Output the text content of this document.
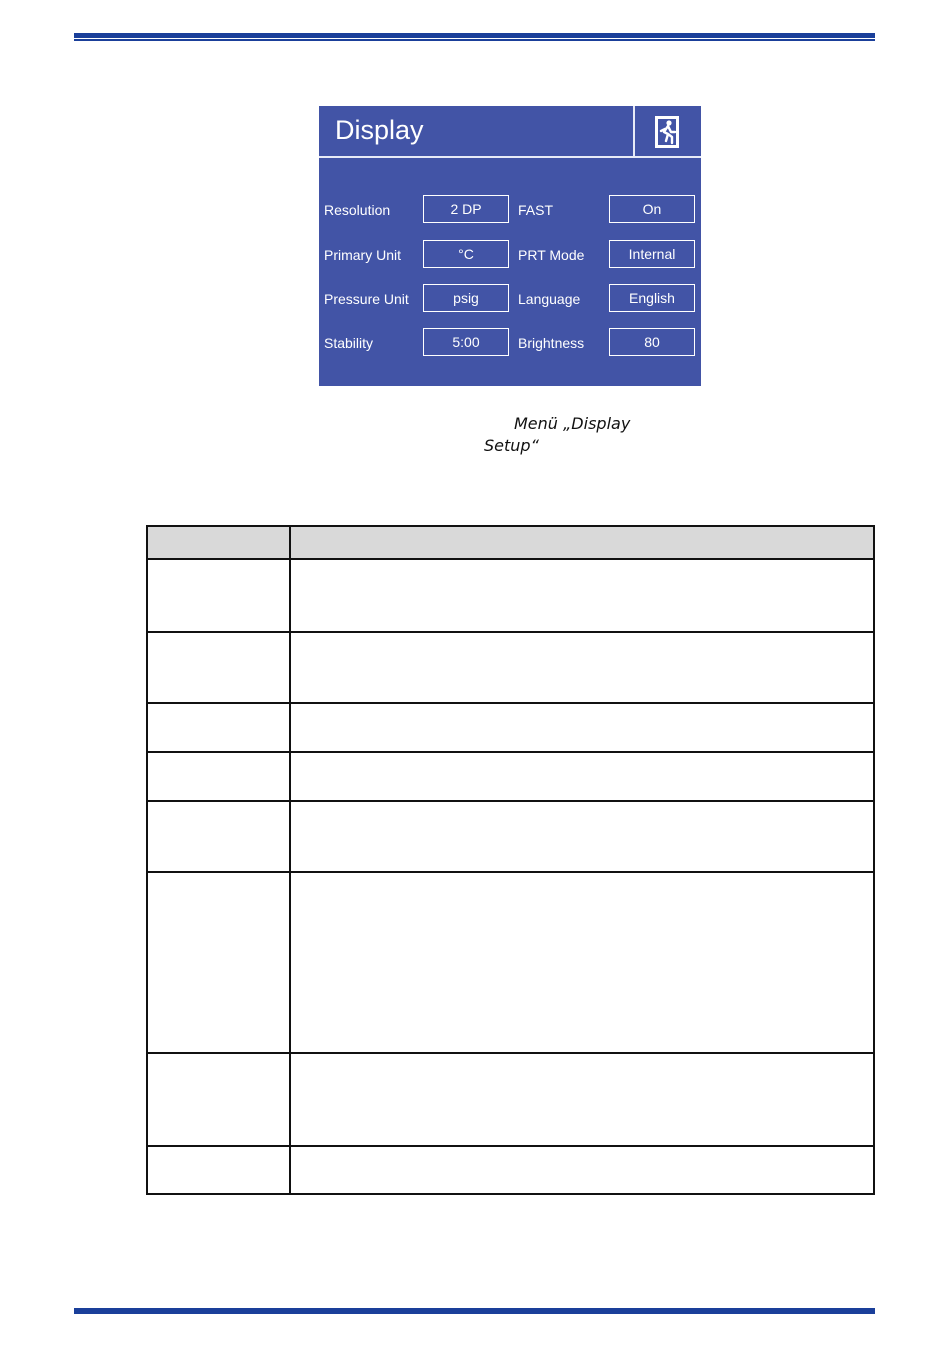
Display
Resolution	2 DP	FAST	On
Primary Unit	°C	PRT Mode	Internal
Pressure Unit	psig	Language	English
Stability	5:00	Brightness	80
Menü „Display
Setup“
